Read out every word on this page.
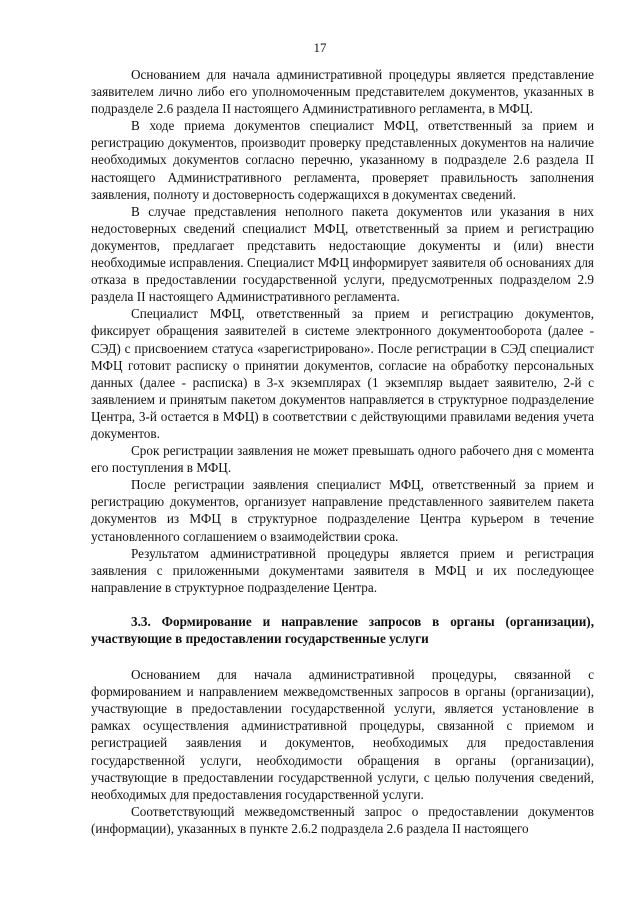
17

Основанием для начала административной процедуры является представление заявителем лично либо его уполномоченным представителем документов, указанных в подразделе 2.6 раздела II настоящего Административного регламента, в МФЦ.

В ходе приема документов специалист МФЦ, ответственный за прием и регистрацию документов, производит проверку представленных документов на наличие необходимых документов согласно перечню, указанному в подразделе 2.6 раздела II настоящего Административного регламента, проверяет правильность заполнения заявления, полноту и достоверность содержащихся в документах сведений.

В случае представления неполного пакета документов или указания в них недостоверных сведений специалист МФЦ, ответственный за прием и регистрацию документов, предлагает представить недостающие документы и (или) внести необходимые исправления. Специалист МФЦ информирует заявителя об основаниях для отказа в предоставлении государственной услуги, предусмотренных подразделом 2.9 раздела II настоящего Административного регламента.

Специалист МФЦ, ответственный за прием и регистрацию документов, фиксирует обращения заявителей в системе электронного документооборота (далее - СЭД) с присвоением статуса «зарегистрировано». После регистрации в СЭД специалист МФЦ готовит расписку о принятии документов, согласие на обработку персональных данных (далее - расписка) в 3-х экземплярах (1 экземпляр выдает заявителю, 2-й с заявлением и принятым пакетом документов направляется в структурное подразделение Центра, 3-й остается в МФЦ) в соответствии с действующими правилами ведения учета документов.

Срок регистрации заявления не может превышать одного рабочего дня с момента его поступления в МФЦ.

После регистрации заявления специалист МФЦ, ответственный за прием и регистрацию документов, организует направление представленного заявителем пакета документов из МФЦ в структурное подразделение Центра курьером в течение установленного соглашением о взаимодействии срока.

Результатом административной процедуры является прием и регистрация заявления с приложенными документами заявителя в МФЦ и их последующее направление в структурное подразделение Центра.

3.3. Формирование и направление запросов в органы (организации), участвующие в предоставлении государственные услуги

Основанием для начала административной процедуры, связанной с формированием и направлением межведомственных запросов в органы (организации), участвующие в предоставлении государственной услуги, является установление в рамках осуществления административной процедуры, связанной с приемом и регистрацией заявления и документов, необходимых для предоставления государственной услуги, необходимости обращения в органы (организации), участвующие в предоставлении государственной услуги, с целью получения сведений, необходимых для предоставления государственной услуги.

Соответствующий межведомственный запрос о предоставлении документов (информации), указанных в пункте 2.6.2 подраздела 2.6 раздела II настоящего
